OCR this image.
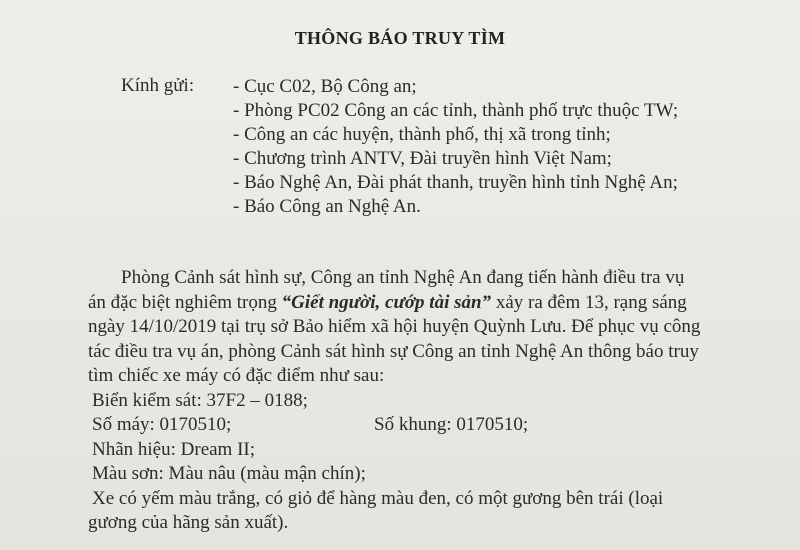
THÔNG BÁO TRUY TÌM
Kính gửi: - Cục C02, Bộ Công an;
- Phòng PC02 Công an các tỉnh, thành phố trực thuộc TW;
- Công an các huyện, thành phố, thị xã trong tỉnh;
- Chương trình ANTV, Đài truyền hình Việt Nam;
- Báo Nghệ An, Đài phát thanh, truyền hình tỉnh Nghệ An;
- Báo Công an Nghệ An.
Phòng Cảnh sát hình sự, Công an tỉnh Nghệ An đang tiến hành điều tra vụ
án đặc biệt nghiêm trọng “Giết người, cướp tài sản” xảy ra đêm 13, rạng sáng
ngày 14/10/2019 tại trụ sở Bảo hiểm xã hội huyện Quỳnh Lưu. Để phục vụ công
tác điều tra vụ án, phòng Cảnh sát hình sự Công an tỉnh Nghệ An thông báo truy
tìm chiếc xe máy có đặc điểm như sau:
Biển kiểm sát: 37F2 – 0188;
Số máy: 0170510;	Số khung: 0170510;
Nhãn hiệu: Dream II;
Màu sơn: Màu nâu (màu mận chín);
Xe có yếm màu trắng, có giỏ để hàng màu đen, có một gương bên trái (loại
gương của hãng sản xuất).
